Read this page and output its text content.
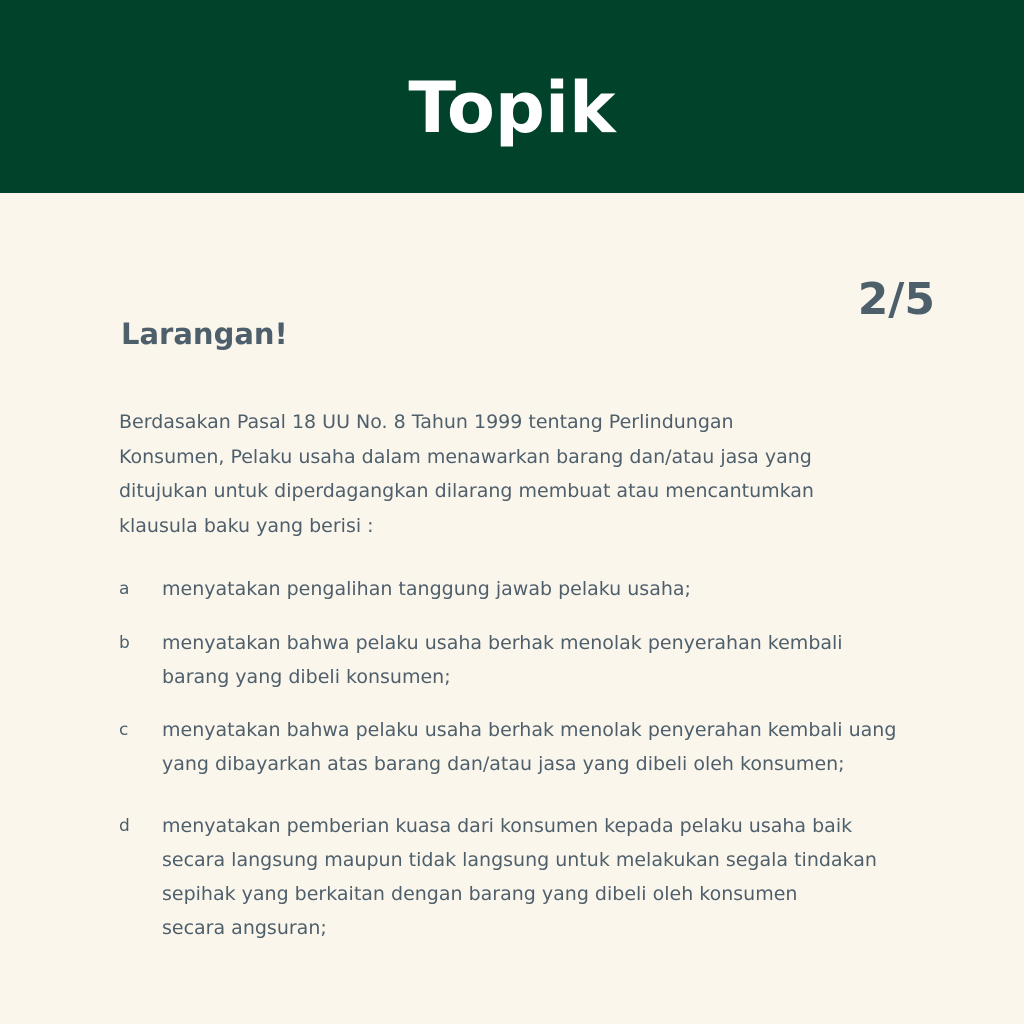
Topik
2/5
Larangan!

Berdasakan Pasal 18 UU No. 8 Tahun 1999 tentang Perlindungan
Konsumen, Pelaku usaha dalam menawarkan barang dan/atau jasa yang
ditujukan untuk diperdagangkan dilarang membuat atau mencantumkan
klausula baku yang berisi :

a	menyatakan pengalihan tanggung jawab pelaku usaha;
b	menyatakan bahwa pelaku usaha berhak menolak penyerahan kembali
barang yang dibeli konsumen;
c	menyatakan bahwa pelaku usaha berhak menolak penyerahan kembali uang
yang dibayarkan atas barang dan/atau jasa yang dibeli oleh konsumen;
d	menyatakan pemberian kuasa dari konsumen kepada pelaku usaha baik
secara langsung maupun tidak langsung untuk melakukan segala tindakan
sepihak yang berkaitan dengan barang yang dibeli oleh konsumen
secara angsuran;
